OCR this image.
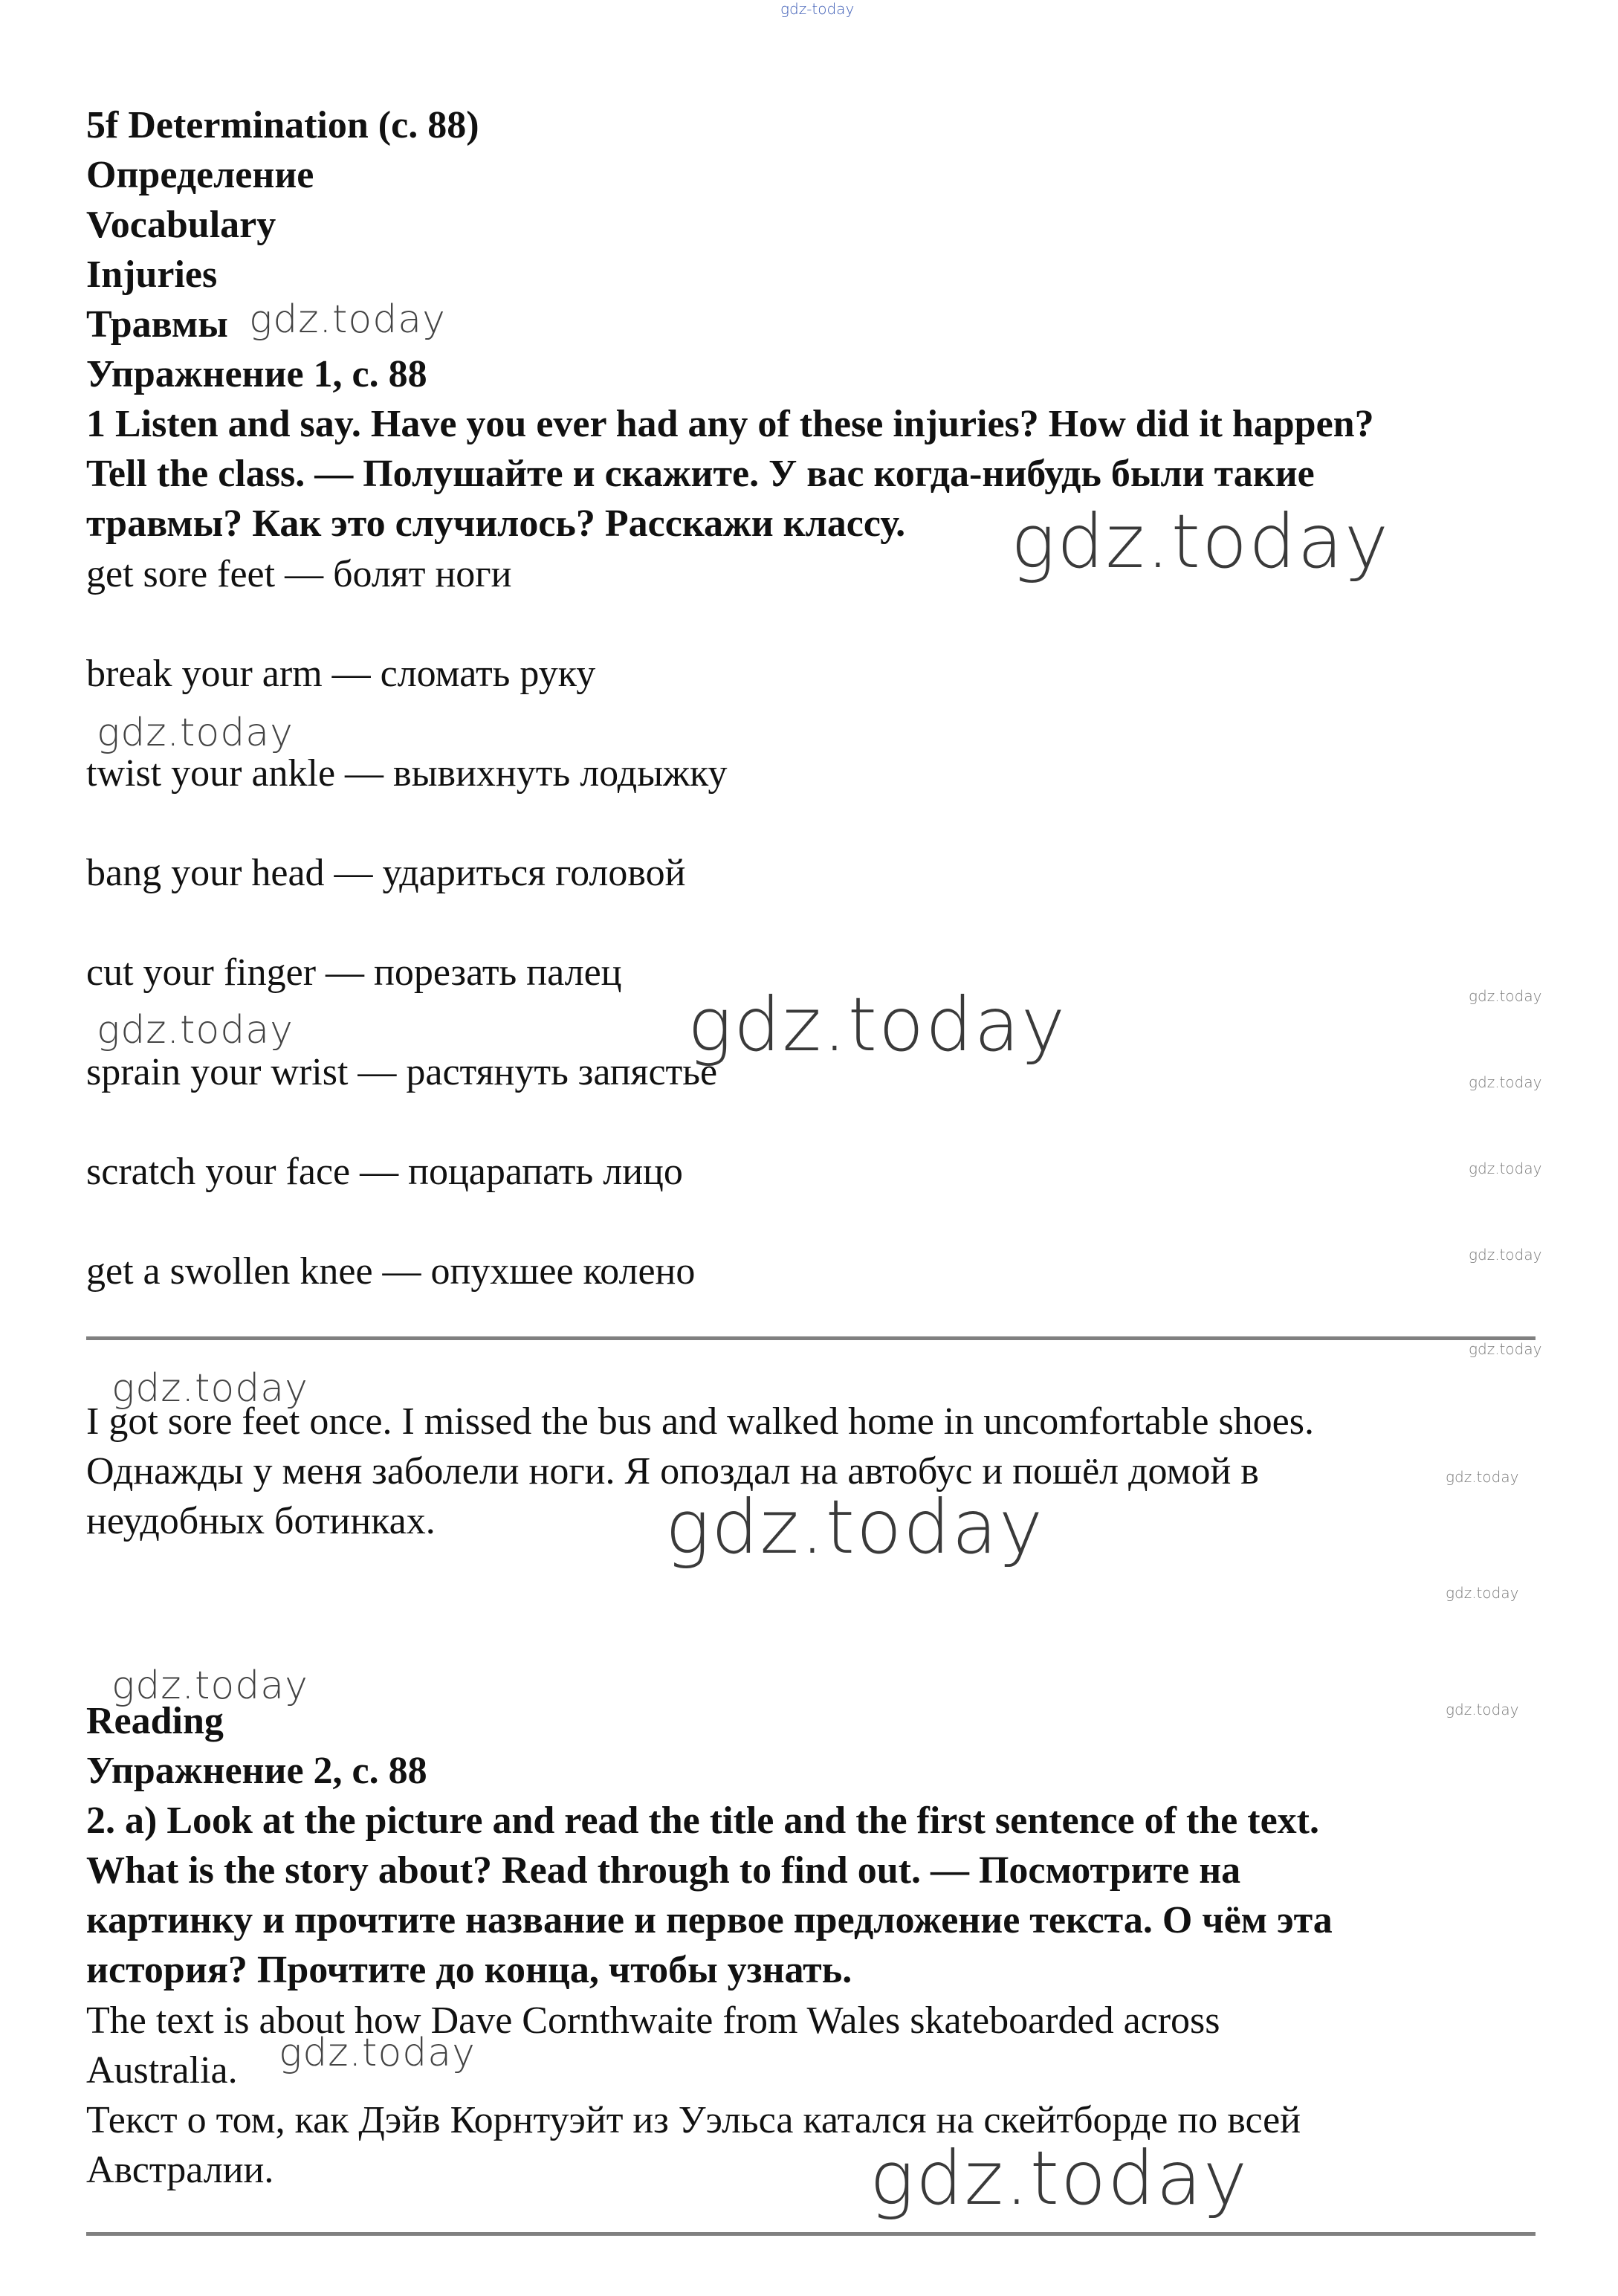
gdz-today
5f Determination (с. 88)
Определение
Vocabulary
Injuries
Травмы
Упражнение 1, с. 88
1 Listen and say. Have you ever had any of these injuries? How did it happen?
Tell the class. — Полушайте и скажите. У вас когда-нибудь были такие
травмы? Как это случилось? Расскажи классу.
get sore feet — болят ноги
break your arm — сломать руку
twist your ankle — вывихнуть лодыжку
bang your head — удариться головой
cut your finger — порезать палец
sprain your wrist — растянуть запястье
scratch your face — поцарапать лицо
get a swollen knee — опухшее колено
I got sore feet once. I missed the bus and walked home in uncomfortable shoes.
Однажды у меня заболели ноги. Я опоздал на автобус и пошёл домой в
неудобных ботинках.
Reading
Упражнение 2, с. 88
2. a) Look at the picture and read the title and the first sentence of the text.
What is the story about? Read through to find out. — Посмотрите на
картинку и прочтите название и первое предложение текста. О чём эта
история? Прочтите до конца, чтобы узнать.
The text is about how Dave Cornthwaite from Wales skateboarded across
Australia.
Текст о том, как Дэйв Корнтуэйт из Уэльса катался на скейтборде по всей
Австралии.
gdz.today
gdz.today
gdz.today
gdz.today
gdz.today
gdz.today
gdz.today
gdz.today
gdz.today
gdz.today
gdz.today
gdz.today
gdz.today
gdz.today
gdz.today
gdz.today
gdz.today
gdz.today
